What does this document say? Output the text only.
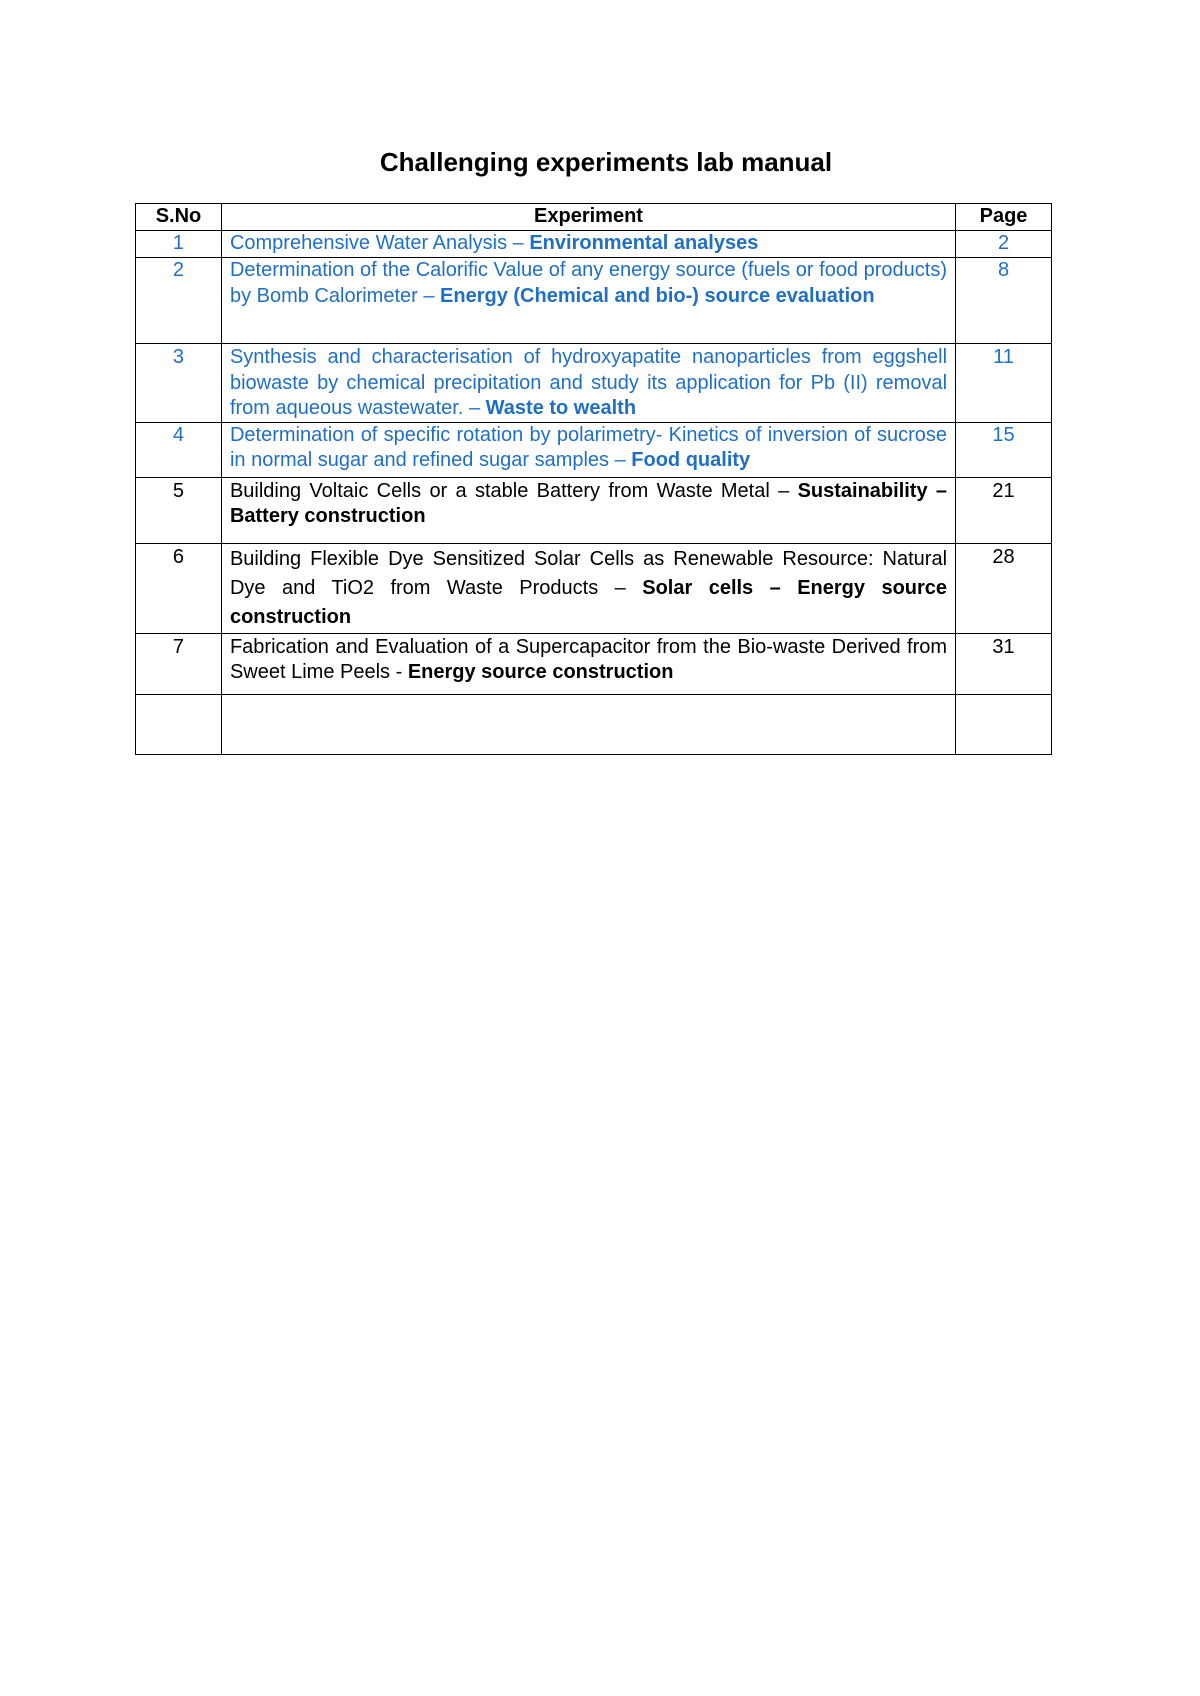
Challenging experiments lab manual
S.No	Experiment	Page
1	Comprehensive Water Analysis – Environmental analyses	2
2	Determination of the Calorific Value of any energy source (fuels or food products) by Bomb Calorimeter – Energy (Chemical and bio-) source evaluation	8
3	Synthesis and characterisation of hydroxyapatite nanoparticles from eggshell biowaste by chemical precipitation and study its application for Pb (II) removal from aqueous wastewater. – Waste to wealth	11
4	Determination of specific rotation by polarimetry- Kinetics of inversion of sucrose in normal sugar and refined sugar samples – Food quality	15
5	Building Voltaic Cells or a stable Battery from Waste Metal – Sustainability – Battery construction	21
6	Building Flexible Dye Sensitized Solar Cells as Renewable Resource: Natural Dye and TiO2 from Waste Products – Solar cells – Energy source construction	28
7	Fabrication and Evaluation of a Supercapacitor from the Bio-waste Derived from Sweet Lime Peels - Energy source construction	31
